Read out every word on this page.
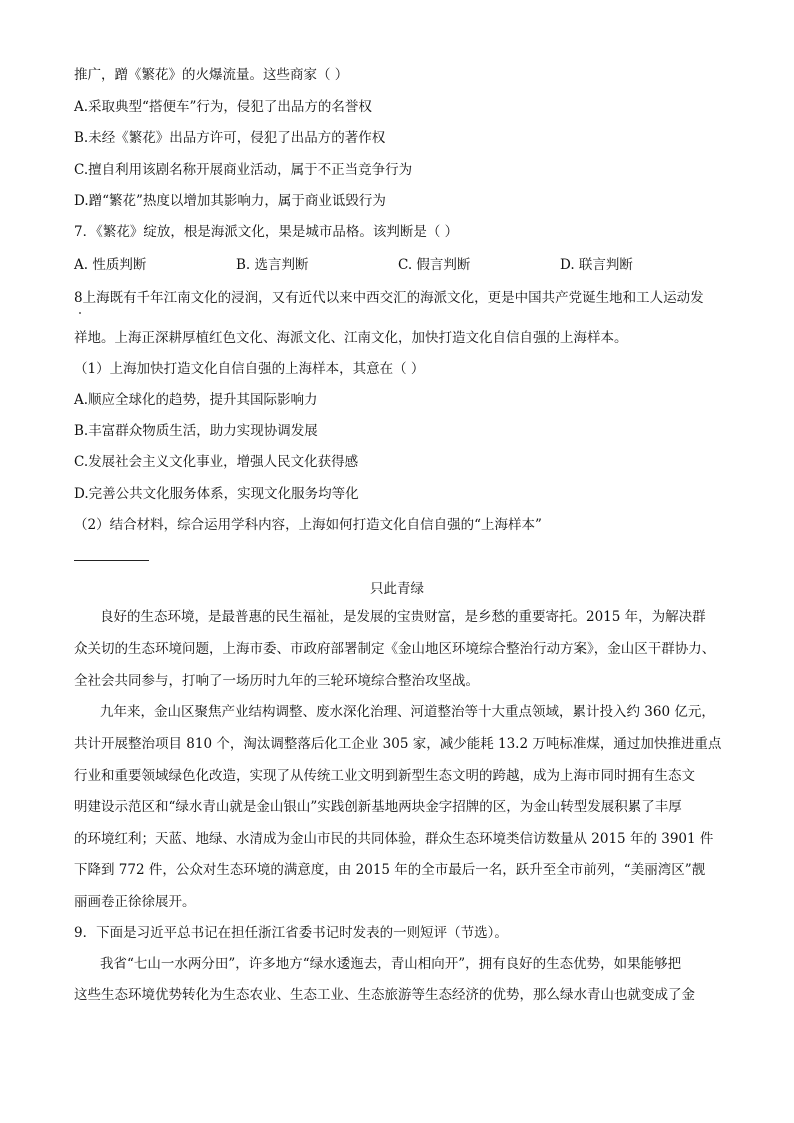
推广，蹭《繁花》的火爆流量。这些商家（ ）
A.采取典型“搭便车”行为，侵犯了出品方的名誉权
B.未经《繁花》出品方许可，侵犯了出品方的著作权
C.擅自利用该剧名称开展商业活动，属于不正当竞争行为
D.蹭“繁花”热度以增加其影响力，属于商业诋毁行为
7．《繁花》绽放，根是海派文化，果是城市品格。该判断是（ ）
A. 性质判断	B. 选言判断	C. 假言判断	D. 联言判断
8上海既有千年江南文化的浸润，又有近代以来中西交汇的海派文化，更是中国共产党诞生地和工人运动发
祥地。上海正深耕厚植红色文化、海派文化、江南文化，加快打造文化自信自强的上海样本。
（1）上海加快打造文化自信自强的上海样本，其意在（ ）
A.顺应全球化的趋势，提升其国际影响力
B.丰富群众物质生活，助力实现协调发展
C.发展社会主义文化事业，增强人民文化获得感
D.完善公共文化服务体系，实现文化服务均等化
（2）结合材料，综合运用学科内容，上海如何打造文化自信自强的“上海样本”
只此青绿
良好的生态环境，是最普惠的民生福祉，是发展的宝贵财富，是乡愁的重要寄托。2015 年，为解决群
众关切的生态环境问题，上海市委、市政府部署制定《金山地区环境综合整治行动方案》，金山区干群协力、
全社会共同参与，打响了一场历时九年的三轮环境综合整治攻坚战。
九年来，金山区聚焦产业结构调整、废水深化治理、河道整治等十大重点领域，累计投入约 360 亿元，
共计开展整治项目 810 个，淘汰调整落后化工企业 305 家，减少能耗 13.2 万吨标准煤，通过加快推进重点
行业和重要领域绿色化改造，实现了从传统工业文明到新型生态文明的跨越，成为上海市同时拥有生态文
明建设示范区和“绿水青山就是金山银山”实践创新基地两块金字招牌的区，为金山转型发展积累了丰厚
的环境红利；天蓝、地绿、水清成为金山市民的共同体验，群众生态环境类信访数量从 2015 年的 3901 件
下降到 772 件，公众对生态环境的满意度，由 2015 年的全市最后一名，跃升至全市前列，“美丽湾区”靓
丽画卷正徐徐展开。
9．下面是习近平总书记在担任浙江省委书记时发表的一则短评（节选）。
我省“七山一水两分田”，许多地方“绿水逶迤去，青山相向开”，拥有良好的生态优势，如果能够把
这些生态环境优势转化为生态农业、生态工业、生态旅游等生态经济的优势，那么绿水青山也就变成了金
